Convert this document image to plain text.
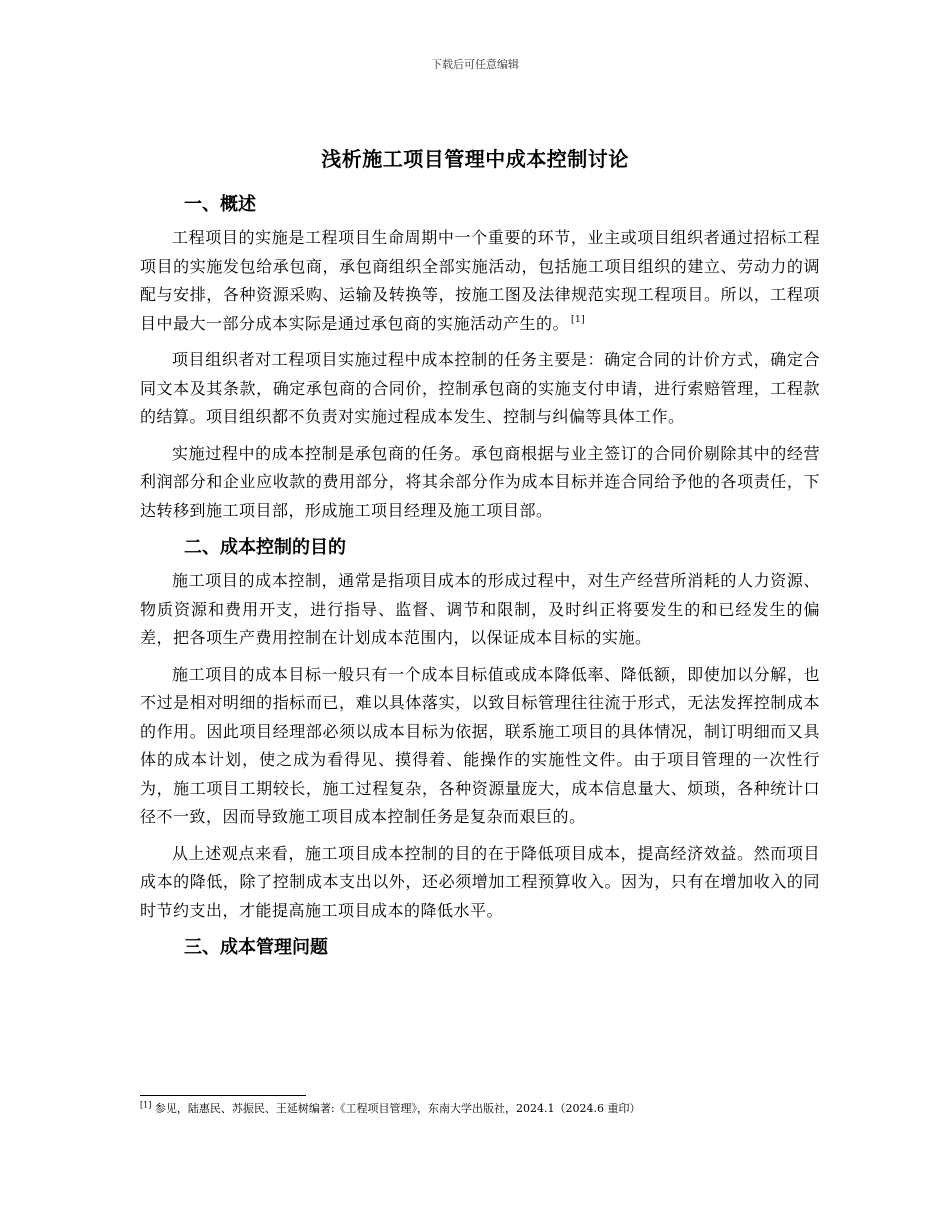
下载后可任意编辑
浅析施工项目管理中成本控制讨论
一、概述

工程项目的实施是工程项目生命周期中一个重要的环节，业主或项目组织者通过招标工程项目的实施发包给承包商，承包商组织全部实施活动，包括施工项目组织的建立、劳动力的调配与安排，各种资源采购、运输及转换等，按施工图及法律规范实现工程项目。所以，工程项目中最大一部分成本实际是通过承包商的实施活动产生的。 [1]

项目组织者对工程项目实施过程中成本控制的任务主要是：确定合同的计价方式，确定合同文本及其条款，确定承包商的合同价，控制承包商的实施支付申请，进行索赔管理，工程款的结算。项目组织都不负责对实施过程成本发生、控制与纠偏等具体工作。

实施过程中的成本控制是承包商的任务。承包商根据与业主签订的合同价剔除其中的经营利润部分和企业应收款的费用部分，将其余部分作为成本目标并连合同给予他的各项责任，下达转移到施工项目部，形成施工项目经理及施工项目部。

二、成本控制的目的

施工项目的成本控制，通常是指项目成本的形成过程中，对生产经营所消耗的人力资源、物质资源和费用开支，进行指导、监督、调节和限制，及时纠正将要发生的和已经发生的偏差，把各项生产费用控制在计划成本范围内，以保证成本目标的实施。

施工项目的成本目标一般只有一个成本目标值或成本降低率、降低额，即使加以分解，也不过是相对明细的指标而已，难以具体落实，以致目标管理往往流于形式，无法发挥控制成本的作用。因此项目经理部必须以成本目标为依据，联系施工项目的具体情况，制订明细而又具体的成本计划，使之成为看得见、摸得着、能操作的实施性文件。由于项目管理的一次性行为，施工项目工期较长，施工过程复杂，各种资源量庞大，成本信息量大、烦琐，各种统计口径不一致，因而导致施工项目成本控制任务是复杂而艰巨的。

从上述观点来看，施工项目成本控制的目的在于降低项目成本，提高经济效益。然而项目成本的降低，除了控制成本支出以外，还必须增加工程预算收入。因为，只有在增加收入的同时节约支出，才能提高施工项目成本的降低水平。

三、成本管理问题
[1] 参见，陆惠民、苏振民、王延树编著:《工程项目管理》，东南大学出版社，2024.1（2024.6 重印）
